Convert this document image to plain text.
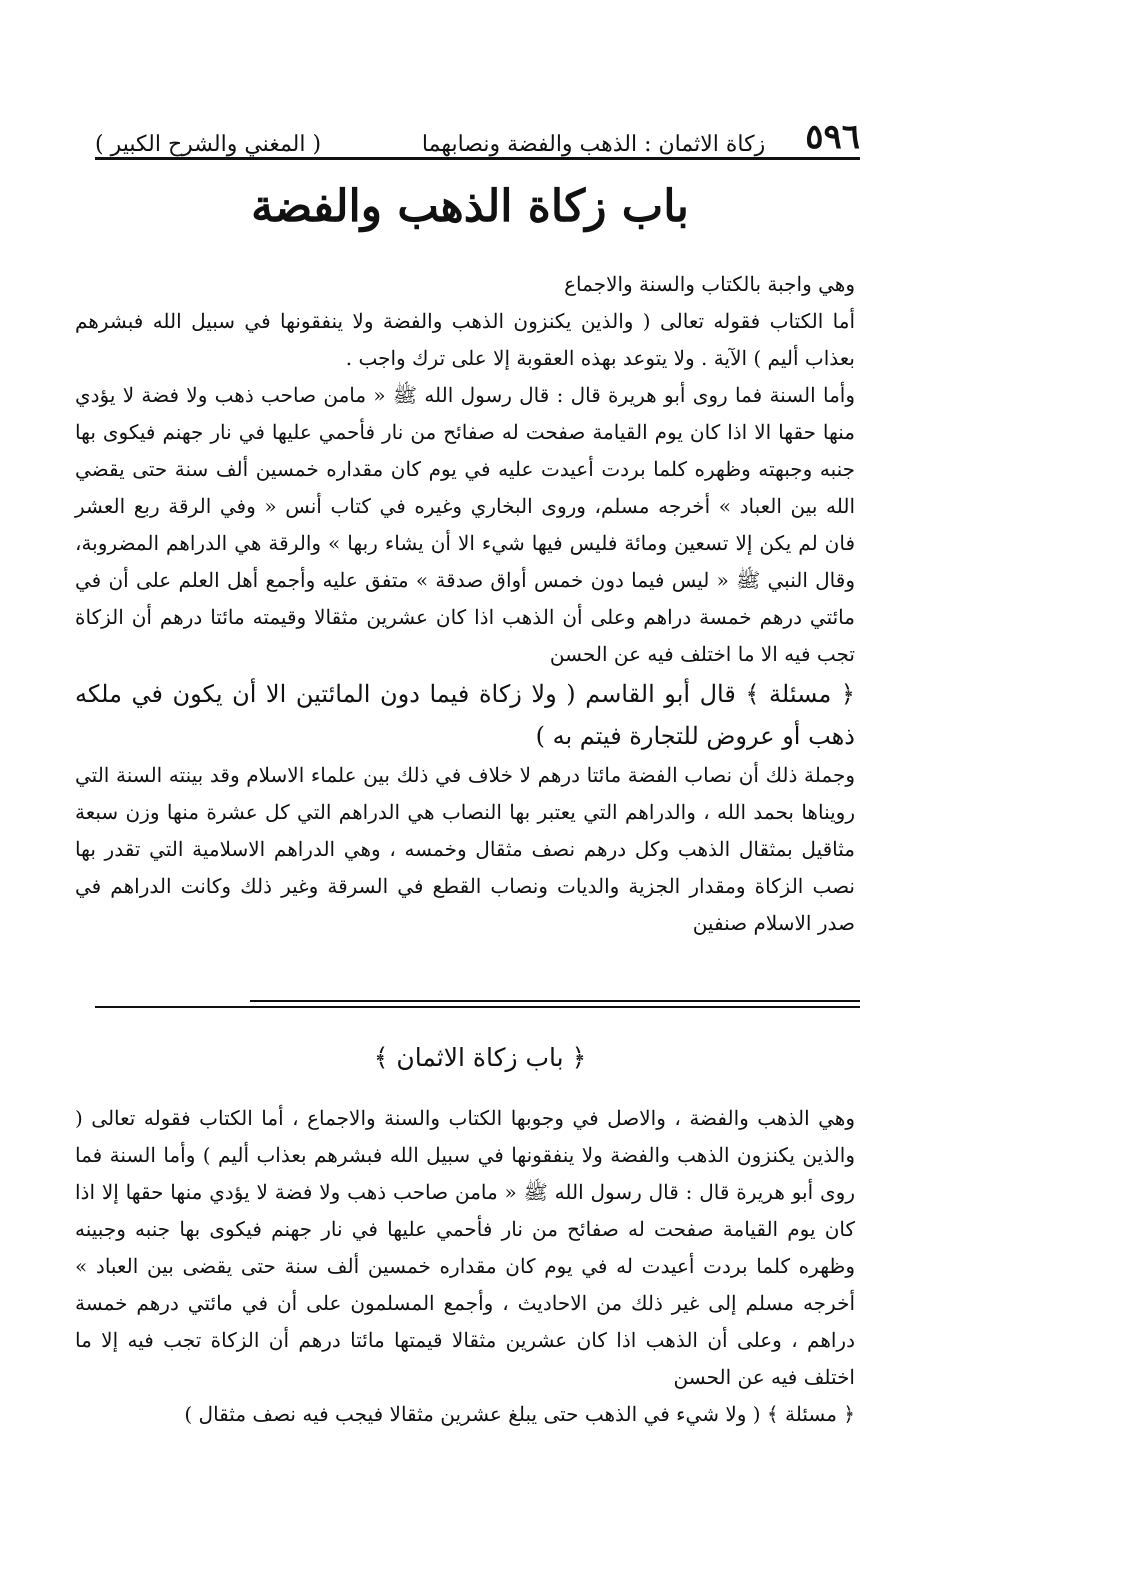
٥٩٦
زكاة الاثمان : الذهب والفضة ونصابهما
( المغني والشرح الكبير )
باب زكاة الذهب والفضة

وهي واجبة بالكتاب والسنة والاجماع

أما الكتاب فقوله تعالى ( والذين يكنزون الذهب والفضة ولا ينفقونها في سبيل الله فبشرهم بعذاب أليم ) الآية . ولا يتوعد بهذه العقوبة إلا على ترك واجب .

وأما السنة فما روى أبو هريرة قال : قال رسول الله ﷺ « مامن صاحب ذهب ولا فضة لا يؤدي منها حقها الا اذا كان يوم القيامة صفحت له صفائح من نار فأحمي عليها في نار جهنم فيكوى بها جنبه وجبهته وظهره كلما بردت أعيدت عليه في يوم كان مقداره خمسين ألف سنة حتى يقضي الله بين العباد » أخرجه مسلم، وروى البخاري وغيره في كتاب أنس « وفي الرقة ربع العشر فان لم يكن إلا تسعين ومائة فليس فيها شيء الا أن يشاء ربها » والرقة هي الدراهم المضروبة، وقال النبي ﷺ « ليس فيما دون خمس أواق صدقة » متفق عليه وأجمع أهل العلم على أن في مائتي درهم خمسة دراهم وعلى أن الذهب اذا كان عشرين مثقالا وقيمته مائتا درهم أن الزكاة تجب فيه الا ما اختلف فيه عن الحسن

﴿ مسئلة ﴾ قال أبو القاسم ( ولا زكاة فيما دون المائتين الا أن يكون في ملكه ذهب أو عروض للتجارة فيتم به )

وجملة ذلك أن نصاب الفضة مائتا درهم لا خلاف في ذلك بين علماء الاسلام وقد بينته السنة التي رويناها بحمد الله ، والدراهم التي يعتبر بها النصاب هي الدراهم التي كل عشرة منها وزن سبعة مثاقيل بمثقال الذهب وكل درهم نصف مثقال وخمسه ، وهي الدراهم الاسلامية التي تقدر بها نصب الزكاة ومقدار الجزية والديات ونصاب القطع في السرقة وغير ذلك وكانت الدراهم في صدر الاسلام صنفين

﴿ باب زكاة الاثمان ﴾

وهي الذهب والفضة ، والاصل في وجوبها الكتاب والسنة والاجماع ، أما الكتاب فقوله تعالى ( والذين يكنزون الذهب والفضة ولا ينفقونها في سبيل الله فبشرهم بعذاب أليم ) وأما السنة فما روى أبو هريرة قال : قال رسول الله ﷺ « مامن صاحب ذهب ولا فضة لا يؤدي منها حقها إلا اذا كان يوم القيامة صفحت له صفائح من نار فأحمي عليها في نار جهنم فيكوى بها جنبه وجبينه وظهره كلما بردت أعيدت له في يوم كان مقداره خمسين ألف سنة حتى يقضى بين العباد » أخرجه مسلم إلى غير ذلك من الاحاديث ، وأجمع المسلمون على أن في مائتي درهم خمسة دراهم ، وعلى أن الذهب اذا كان عشرين مثقالا قيمتها مائتا درهم أن الزكاة تجب فيه إلا ما اختلف فيه عن الحسن

﴿ مسئلة ﴾ ( ولا شيء في الذهب حتى يبلغ عشرين مثقالا فيجب فيه نصف مثقال )
